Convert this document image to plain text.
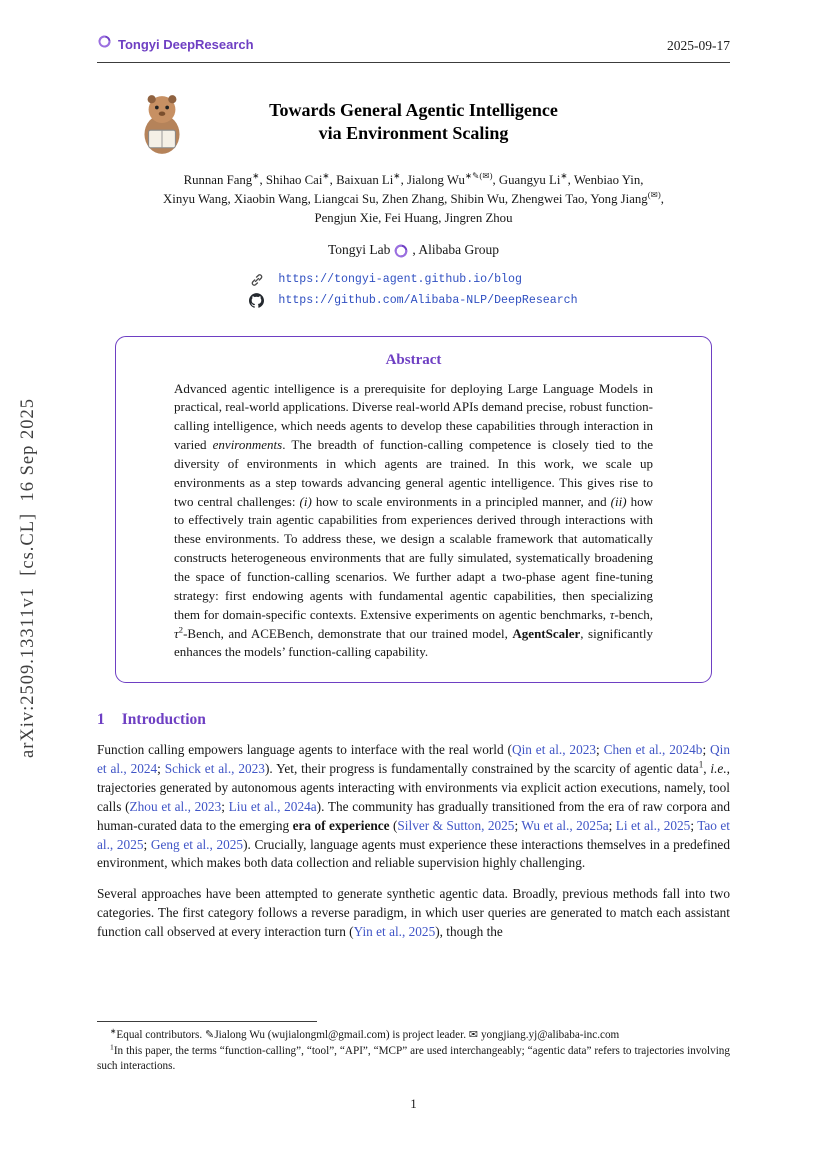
arXiv:2509.13311v1  [cs.CL]  16 Sep 2025
Tongyi DeepResearch	2025-09-17
Towards General Agentic Intelligence
via Environment Scaling
Runnan Fang∗, Shihao Cai∗, Baixuan Li∗, Jialong Wu∗✎(✉), Guangyu Li∗, Wenbiao Yin,
Xinyu Wang, Xiaobin Wang, Liangcai Su, Zhen Zhang, Shibin Wu, Zhengwei Tao, Yong Jiang(✉),
Pengjun Xie, Fei Huang, Jingren Zhou
Tongyi Lab , Alibaba Group
https://tongyi-agent.github.io/blog
https://github.com/Alibaba-NLP/DeepResearch
Abstract

Advanced agentic intelligence is a prerequisite for deploying Large Language Models in practical, real-world applications. Diverse real-world APIs demand precise, robust function-calling intelligence, which needs agents to develop these capabilities through interaction in varied environments. The breadth of function-calling competence is closely tied to the diversity of environments in which agents are trained. In this work, we scale up environments as a step towards advancing general agentic intelligence. This gives rise to two central challenges: (i) how to scale environments in a principled manner, and (ii) how to effectively train agentic capabilities from experiences derived through interactions with these environments. To address these, we design a scalable framework that automatically constructs heterogeneous environments that are fully simulated, systematically broadening the space of function-calling scenarios. We further adapt a two-phase agent fine-tuning strategy: first endowing agents with fundamental agentic capabilities, then specializing them for domain-specific contexts. Extensive experiments on agentic benchmarks, τ-bench, $\tau^2$-Bench, and ACEBench, demonstrate that our trained model, AgentScaler, significantly enhances the models’ function-calling capability.

1 Introduction

Function calling empowers language agents to interface with the real world (Qin et al., 2023; Chen et al., 2024b; Qin et al., 2024; Schick et al., 2023). Yet, their progress is fundamentally constrained by the scarcity of agentic data$^1$, i.e., trajectories generated by autonomous agents interacting with environments via explicit action executions, namely, tool calls (Zhou et al., 2023; Liu et al., 2024a). The community has gradually transitioned from the era of raw corpora and human-curated data to the emerging era of experience (Silver & Sutton, 2025; Wu et al., 2025a; Li et al., 2025; Tao et al., 2025; Geng et al., 2025). Crucially, language agents must experience these interactions themselves in a predefined environment, which makes both data collection and reliable supervision highly challenging.

Several approaches have been attempted to generate synthetic agentic data. Broadly, previous methods fall into two categories. The first category follows a reverse paradigm, in which user queries are generated to match each assistant function call observed at every interaction turn (Yin et al., 2025), though the

∗Equal contributors. ✎Jialong Wu (wujialongml@gmail.com) is project leader. ✉ yongjiang.yj@alibaba-inc.com

$^1$In this paper, the terms “function-calling”, “tool”, “API”, “MCP” are used interchangeably; “agentic data” refers to trajectories involving such interactions.

1
